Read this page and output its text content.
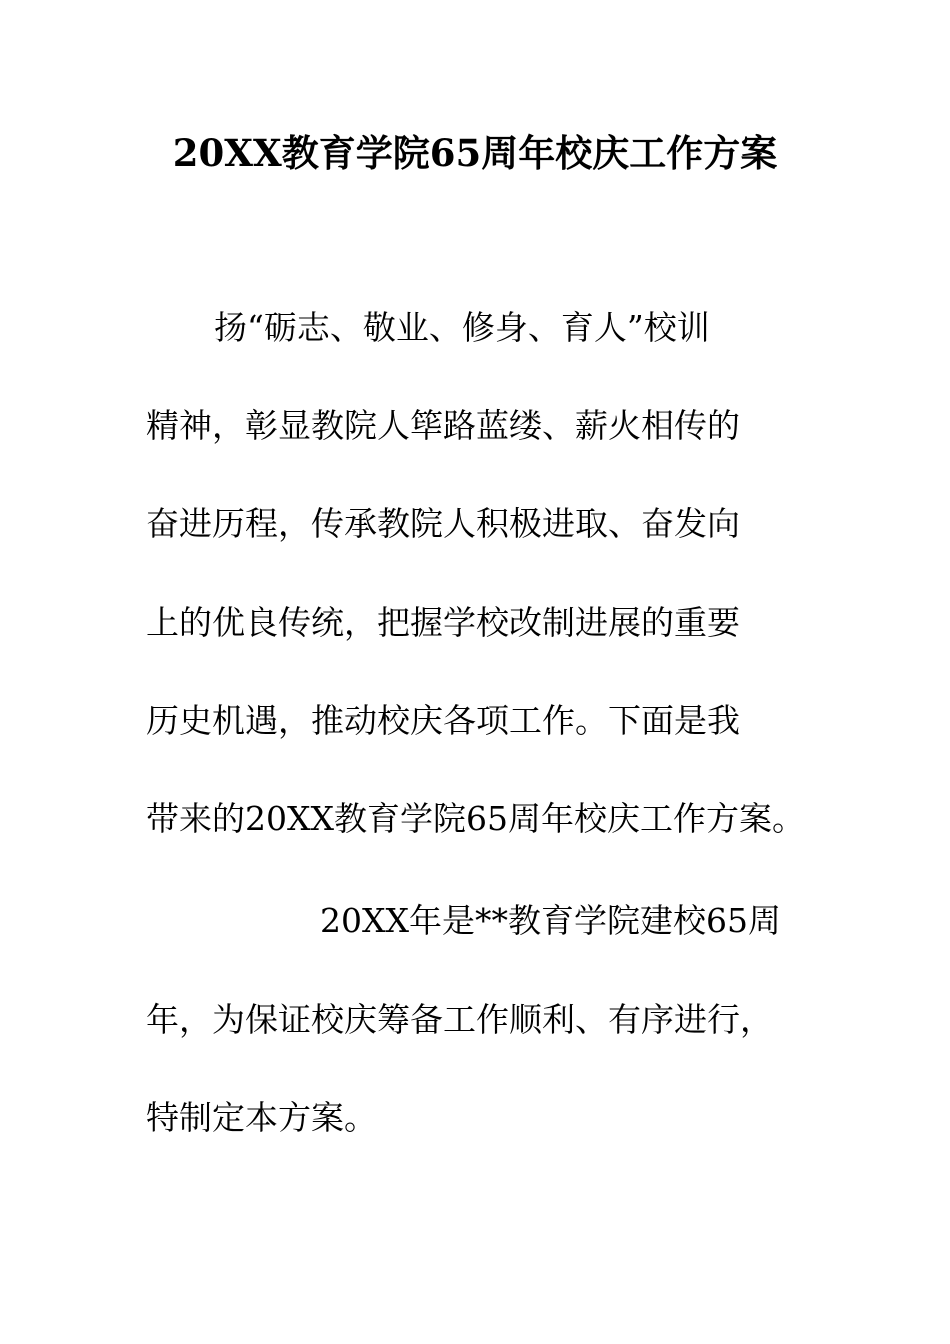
20XX教育学院65周年校庆工作方案
扬“砺志、敬业、修身、育人”校训
精神，彰显教院人筚路蓝缕、薪火相传的
奋进历程，传承教院人积极进取、奋发向
上的优良传统，把握学校改制进展的重要
历史机遇，推动校庆各项工作。下面是我
带来的20XX教育学院65周年校庆工作方案。
20XX年是**教育学院建校65周
年，为保证校庆筹备工作顺利、有序进行，
特制定本方案。
